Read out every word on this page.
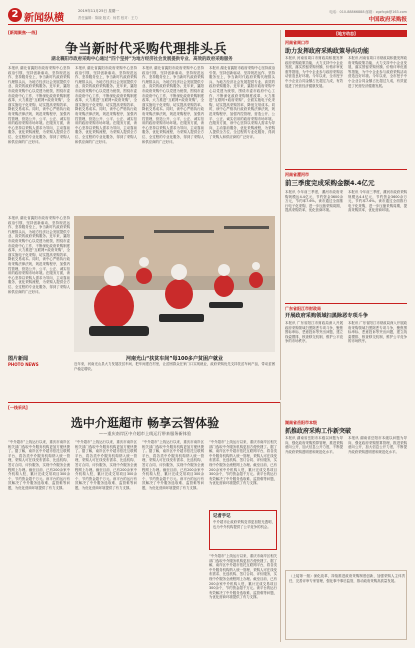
2 新闻纵横
2019年11月25日 星期一
责任编辑：陈晓 版式：杨君 校对：王力
电话：010-88866888 邮箱：zgzfcgb@163.com
中国政府采购报
[新闻聚焦·一线]
争当新时代采购代理排头兵
湖北襄阳市政府采购中心通过“四个坚持”为地方经济社会发展提供专业、高效的政府采购服务
本报讯 湖北省襄阳市政府采购中心坚持政治引领、坚持创新驱动、坚持规范运作、坚持服务至上，争当新时代政府采购代理排头兵，为地方经济社会发展提供专业、高效的政府采购服务。近年来，襄阳市政府采购中心以党建为统领，围绕市委市政府中心工作，不断深化政府采购制度改革，大力推进“互联网+政府采购”，全面实施电子化采购，切实提高采购效率，降低交易成本。同时，该中心严格执行政府采购法律法规，规范采购程序，加强内控管理，营造公开、公平、公正、诚实信用的政府采购市场环境。在服务方面，该中心坚持以采购人需求为导向，主动靠前服务，优化采购流程，为采购人提供全方位、全过程的专业化服务，得到了采购人和供应商的广泛好评。
本报讯 湖北省襄阳市政府采购中心坚持政治引领、坚持创新驱动、坚持规范运作、坚持服务至上，争当新时代政府采购代理排头兵，为地方经济社会发展提供专业、高效的政府采购服务。近年来，襄阳市政府采购中心以党建为统领，围绕市委市政府中心工作，不断深化政府采购制度改革，大力推进“互联网+政府采购”，全面实施电子化采购，切实提高采购效率，降低交易成本。同时，该中心严格执行政府采购法律法规，规范采购程序，加强内控管理，营造公开、公平、公正、诚实信用的政府采购市场环境。在服务方面，该中心坚持以采购人需求为导向，主动靠前服务，优化采购流程，为采购人提供全方位、全过程的专业化服务，得到了采购人和供应商的广泛好评。
本报讯 湖北省襄阳市政府采购中心坚持政治引领、坚持创新驱动、坚持规范运作、坚持服务至上，争当新时代政府采购代理排头兵，为地方经济社会发展提供专业、高效的政府采购服务。近年来，襄阳市政府采购中心以党建为统领，围绕市委市政府中心工作，不断深化政府采购制度改革，大力推进“互联网+政府采购”，全面实施电子化采购，切实提高采购效率，降低交易成本。同时，该中心严格执行政府采购法律法规，规范采购程序，加强内控管理，营造公开、公平、公正、诚实信用的政府采购市场环境。在服务方面，该中心坚持以采购人需求为导向，主动靠前服务，优化采购流程，为采购人提供全方位、全过程的专业化服务，得到了采购人和供应商的广泛好评。
本报讯 湖北省襄阳市政府采购中心坚持政治引领、坚持创新驱动、坚持规范运作、坚持服务至上，争当新时代政府采购代理排头兵，为地方经济社会发展提供专业、高效的政府采购服务。近年来，襄阳市政府采购中心以党建为统领，围绕市委市政府中心工作，不断深化政府采购制度改革，大力推进“互联网+政府采购”，全面实施电子化采购，切实提高采购效率，降低交易成本。同时，该中心严格执行政府采购法律法规，规范采购程序，加强内控管理，营造公开、公平、公正、诚实信用的政府采购市场环境。在服务方面，该中心坚持以采购人需求为导向，主动靠前服务，优化采购流程，为采购人提供全方位、全过程的专业化服务，得到了采购人和供应商的广泛好评。
本报讯 湖北省襄阳市政府采购中心坚持政治引领、坚持创新驱动、坚持规范运作、坚持服务至上，争当新时代政府采购代理排头兵，为地方经济社会发展提供专业、高效的政府采购服务。近年来，襄阳市政府采购中心以党建为统领，围绕市委市政府中心工作，不断深化政府采购制度改革，大力推进“互联网+政府采购”，全面实施电子化采购，切实提高采购效率，降低交易成本。同时，该中心严格执行政府采购法律法规，规范采购程序，加强内控管理，营造公开、公平、公正、诚实信用的政府采购市场环境。在服务方面，该中心坚持以采购人需求为导向，主动靠前服务，优化采购流程，为采购人提供全方位、全过程的专业化服务，得到了采购人和供应商的广泛好评。
图片新闻
PHOTO NEWS
河南光山“扶贫车间”每100多户贫困户就业
近年来，河南光山县大力发展扶贫车间，把车间建在村里，让贫困群众在家门口实现就业，政府采购优先支持扶贫车间产品，带动贫困户稳定增收。
[地方动态]
河南省周口市
助力发挥政府采购政策导向功能
本报讯 河南省周口市财政局积极发挥政府采购政策功能，大力支持中小企业发展，落实预留采购份额、价格评审优惠等措施，为中小企业参与政府采购活动营造良好环境。今年以来，全市授予中小企业合同金额占比超过九成，有效促进了民营经济健康发展。
本报讯 河南省周口市财政局积极发挥政府采购政策功能，大力支持中小企业发展，落实预留采购份额、价格评审优惠等措施，为中小企业参与政府采购活动营造良好环境。今年以来，全市授予中小企业合同金额占比超过九成，有效促进了民营经济健康发展。
河南省漯河市
前三季度完成采购金额4.4亿元
本报讯 今年前三季度，漯河市政府采购规模达4.4亿元，节约资金3600余万元，节约率7.6%。该市通过全面推行电子化采购，进一步压缩采购周期，提高采购效率，优化营商环境。
本报讯 今年前三季度，漯河市政府采购规模达4.4亿元，节约资金3600余万元，节约率7.6%。该市通过全面推行电子化采购，进一步压缩采购周期，提高采购效率，优化营商环境。
广东省阳江市财政局
开展政府采购领域扫黑除恶专项斗争
本报讯 广东省阳江市财政局深入开展政府采购领域扫黑除恶专项斗争，聚焦围标串标、恶意投诉等突出问题，建立线索摸排、核查移交机制，维护公平竞争的市场秩序。
本报讯 广东省阳江市财政局深入开展政府采购领域扫黑除恶专项斗争，聚焦围标串标、恶意投诉等突出问题，建立线索摸排、核查移交机制，维护公平竞争的市场秩序。
[一线采风]
选中介逛超市 畅享云智体验
——重庆南岸区中介超市上线运行带来服务新体验
“中介超市”上线运行以来，重庆市南岸区相关部门选取中介服务机构更加方便快捷了。据了解，南岸区中介超市依托互联网平台，将各类中介服务机构纳入统一管理，采购人可在线发布需求、比选机构、签订合同、评价服务，实现中介服务全流程网上办理。截至目前，已有200余家中介机构入驻，累计完成交易项目300余个，节约资金超千万元。该平台的运行有效解决了中介服务选取难、监管难等问题，为优化营商环境提供了有力支撑。
“中介超市”上线运行以来，重庆市南岸区相关部门选取中介服务机构更加方便快捷了。据了解，南岸区中介超市依托互联网平台，将各类中介服务机构纳入统一管理，采购人可在线发布需求、比选机构、签订合同、评价服务，实现中介服务全流程网上办理。截至目前，已有200余家中介机构入驻，累计完成交易项目300余个，节约资金超千万元。该平台的运行有效解决了中介服务选取难、监管难等问题，为优化营商环境提供了有力支撑。
“中介超市”上线运行以来，重庆市南岸区相关部门选取中介服务机构更加方便快捷了。据了解，南岸区中介超市依托互联网平台，将各类中介服务机构纳入统一管理，采购人可在线发布需求、比选机构、签订合同、评价服务，实现中介服务全流程网上办理。截至目前，已有200余家中介机构入驻，累计完成交易项目300余个，节约资金超千万元。该平台的运行有效解决了中介服务选取难、监管难等问题，为优化营商环境提供了有力支撑。
“中介超市”上线运行以来，重庆市南岸区相关部门选取中介服务机构更加方便快捷了。据了解，南岸区中介超市依托互联网平台，将各类中介服务机构纳入统一管理，采购人可在线发布需求、比选机构、签订合同、评价服务，实现中介服务全流程网上办理。截至目前，已有200余家中介机构入驻，累计完成交易项目300余个，节约资金超千万元。该平台的运行有效解决了中介服务选取难、监管难等问题，为优化营商环境提供了有力支撑。
记者手记
中介超市让政府采购变得更加阳光透明，也为中介机构提供了公平竞争的机会。
“中介超市”上线运行以来，重庆市南岸区相关部门选取中介服务机构更加方便快捷了。据了解，南岸区中介超市依托互联网平台，将各类中介服务机构纳入统一管理，采购人可在线发布需求、比选机构、签订合同、评价服务，实现中介服务全流程网上办理。截至目前，已有200余家中介机构入驻，累计完成交易项目300余个，节约资金超千万元。该平台的运行有效解决了中介服务选取难、监管难等问题，为优化营商环境提供了有力支撑。
湖南省岳阳市本级
抓推政府采购工作新突破
本报讯 湖南省岳阳市本级以问题为导向，强化政府采购预算管理，推进采购意向公开，加大信息公开力度，不断提升政府采购透明度和规范化水平。
本报讯 湖南省岳阳市本级以问题为导向，强化政府采购预算管理，推进采购意向公开，加大信息公开力度，不断提升政府采购透明度和规范化水平。
（上接第一版）深化改革，持续推进政府采购制度创新，加强采购人主体责任，完善评审专家管理，强化事中事后监管，推动政府采购高质量发展。
